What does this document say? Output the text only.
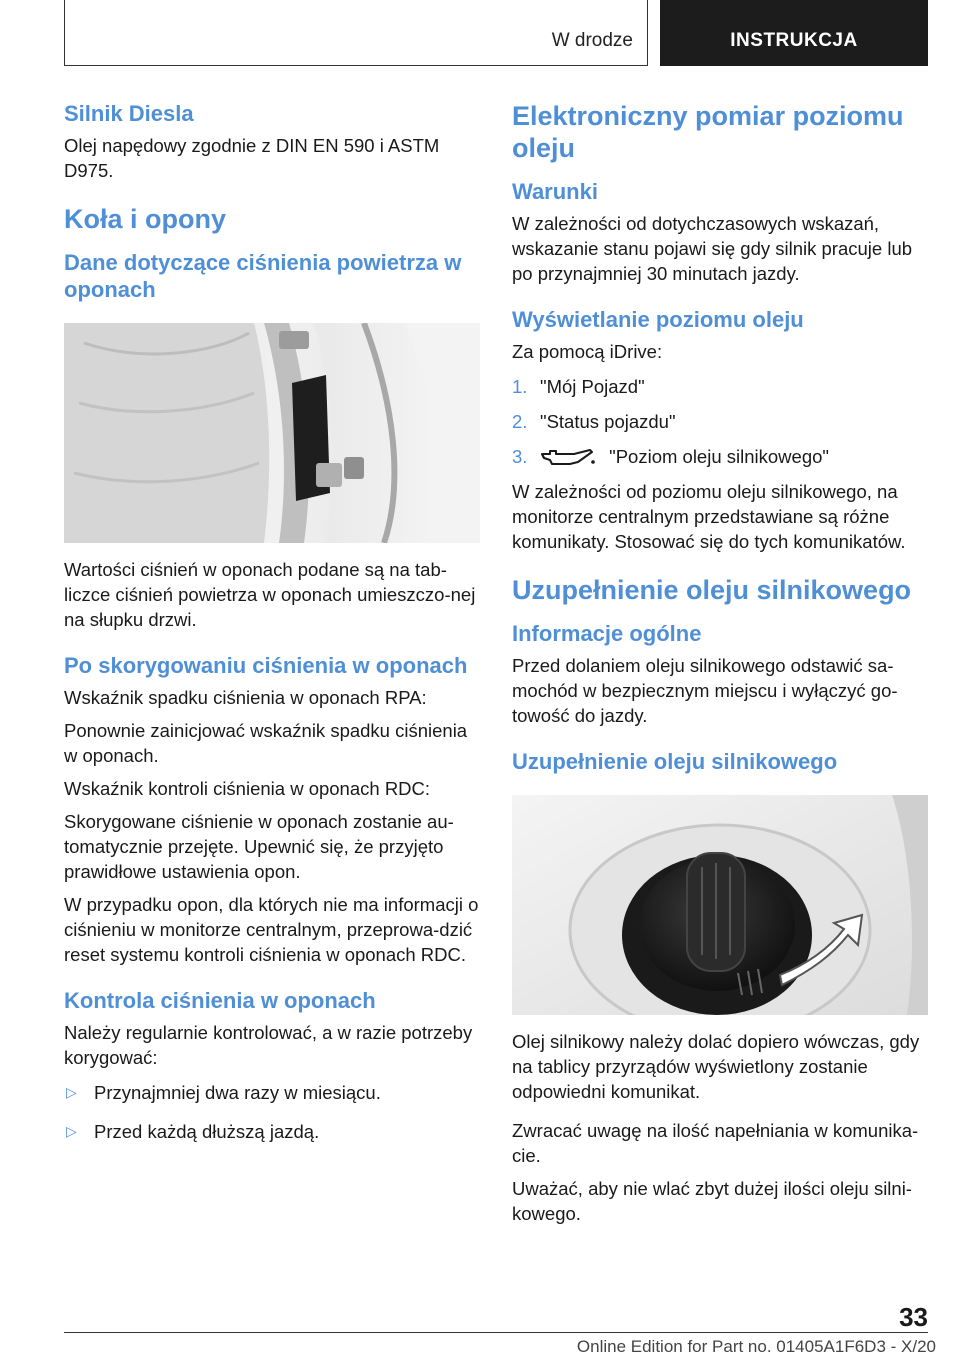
W drodze	INSTRUKCJA
Silnik Diesla
Olej napędowy zgodnie z DIN EN 590 i ASTM D975.
Koła i opony
Dane dotyczące ciśnienia powietrza w oponach
Wartości ciśnień w oponach podane są na tab-liczce ciśnień powietrza w oponach umieszczo-nej na słupku drzwi.
Po skorygowaniu ciśnienia w oponach
Wskaźnik spadku ciśnienia w oponach RPA:
Ponownie zainicjować wskaźnik spadku ciśnienia w oponach.
Wskaźnik kontroli ciśnienia w oponach RDC:
Skorygowane ciśnienie w oponach zostanie au-tomatycznie przejęte. Upewnić się, że przyjęto prawidłowe ustawienia opon.
W przypadku opon, dla których nie ma informacji o ciśnieniu w monitorze centralnym, przeprowa-dzić reset systemu kontroli ciśnienia w oponach RDC.
Kontrola ciśnienia w oponach
Należy regularnie kontrolować, a w razie potrzeby korygować:
▷ Przynajmniej dwa razy w miesiącu.
▷ Przed każdą dłuższą jazdą.
Elektroniczny pomiar poziomu oleju
Warunki
W zależności od dotychczasowych wskazań, wskazanie stanu pojawi się gdy silnik pracuje lub po przynajmniej 30 minutach jazdy.
Wyświetlanie poziomu oleju
Za pomocą iDrive:
1. "Mój Pojazd"
2. "Status pojazdu"
3.	"Poziom oleju silnikowego"
W zależności od poziomu oleju silnikowego, na monitorze centralnym przedstawiane są różne komunikaty. Stosować się do tych komunikatów.
Uzupełnienie oleju silnikowego
Informacje ogólne
Przed dolaniem oleju silnikowego odstawić sa-mochód w bezpiecznym miejscu i wyłączyć go-towość do jazdy.
Uzupełnienie oleju silnikowego
Olej silnikowy należy dolać dopiero wówczas, gdy na tablicy przyrządów wyświetlony zostanie odpowiedni komunikat.
Zwracać uwagę na ilość napełniania w komunika-cie.
Uważać, aby nie wlać zbyt dużej ilości oleju silni-kowego.
33
Online Edition for Part no. 01405A1F6D3 - X/20
